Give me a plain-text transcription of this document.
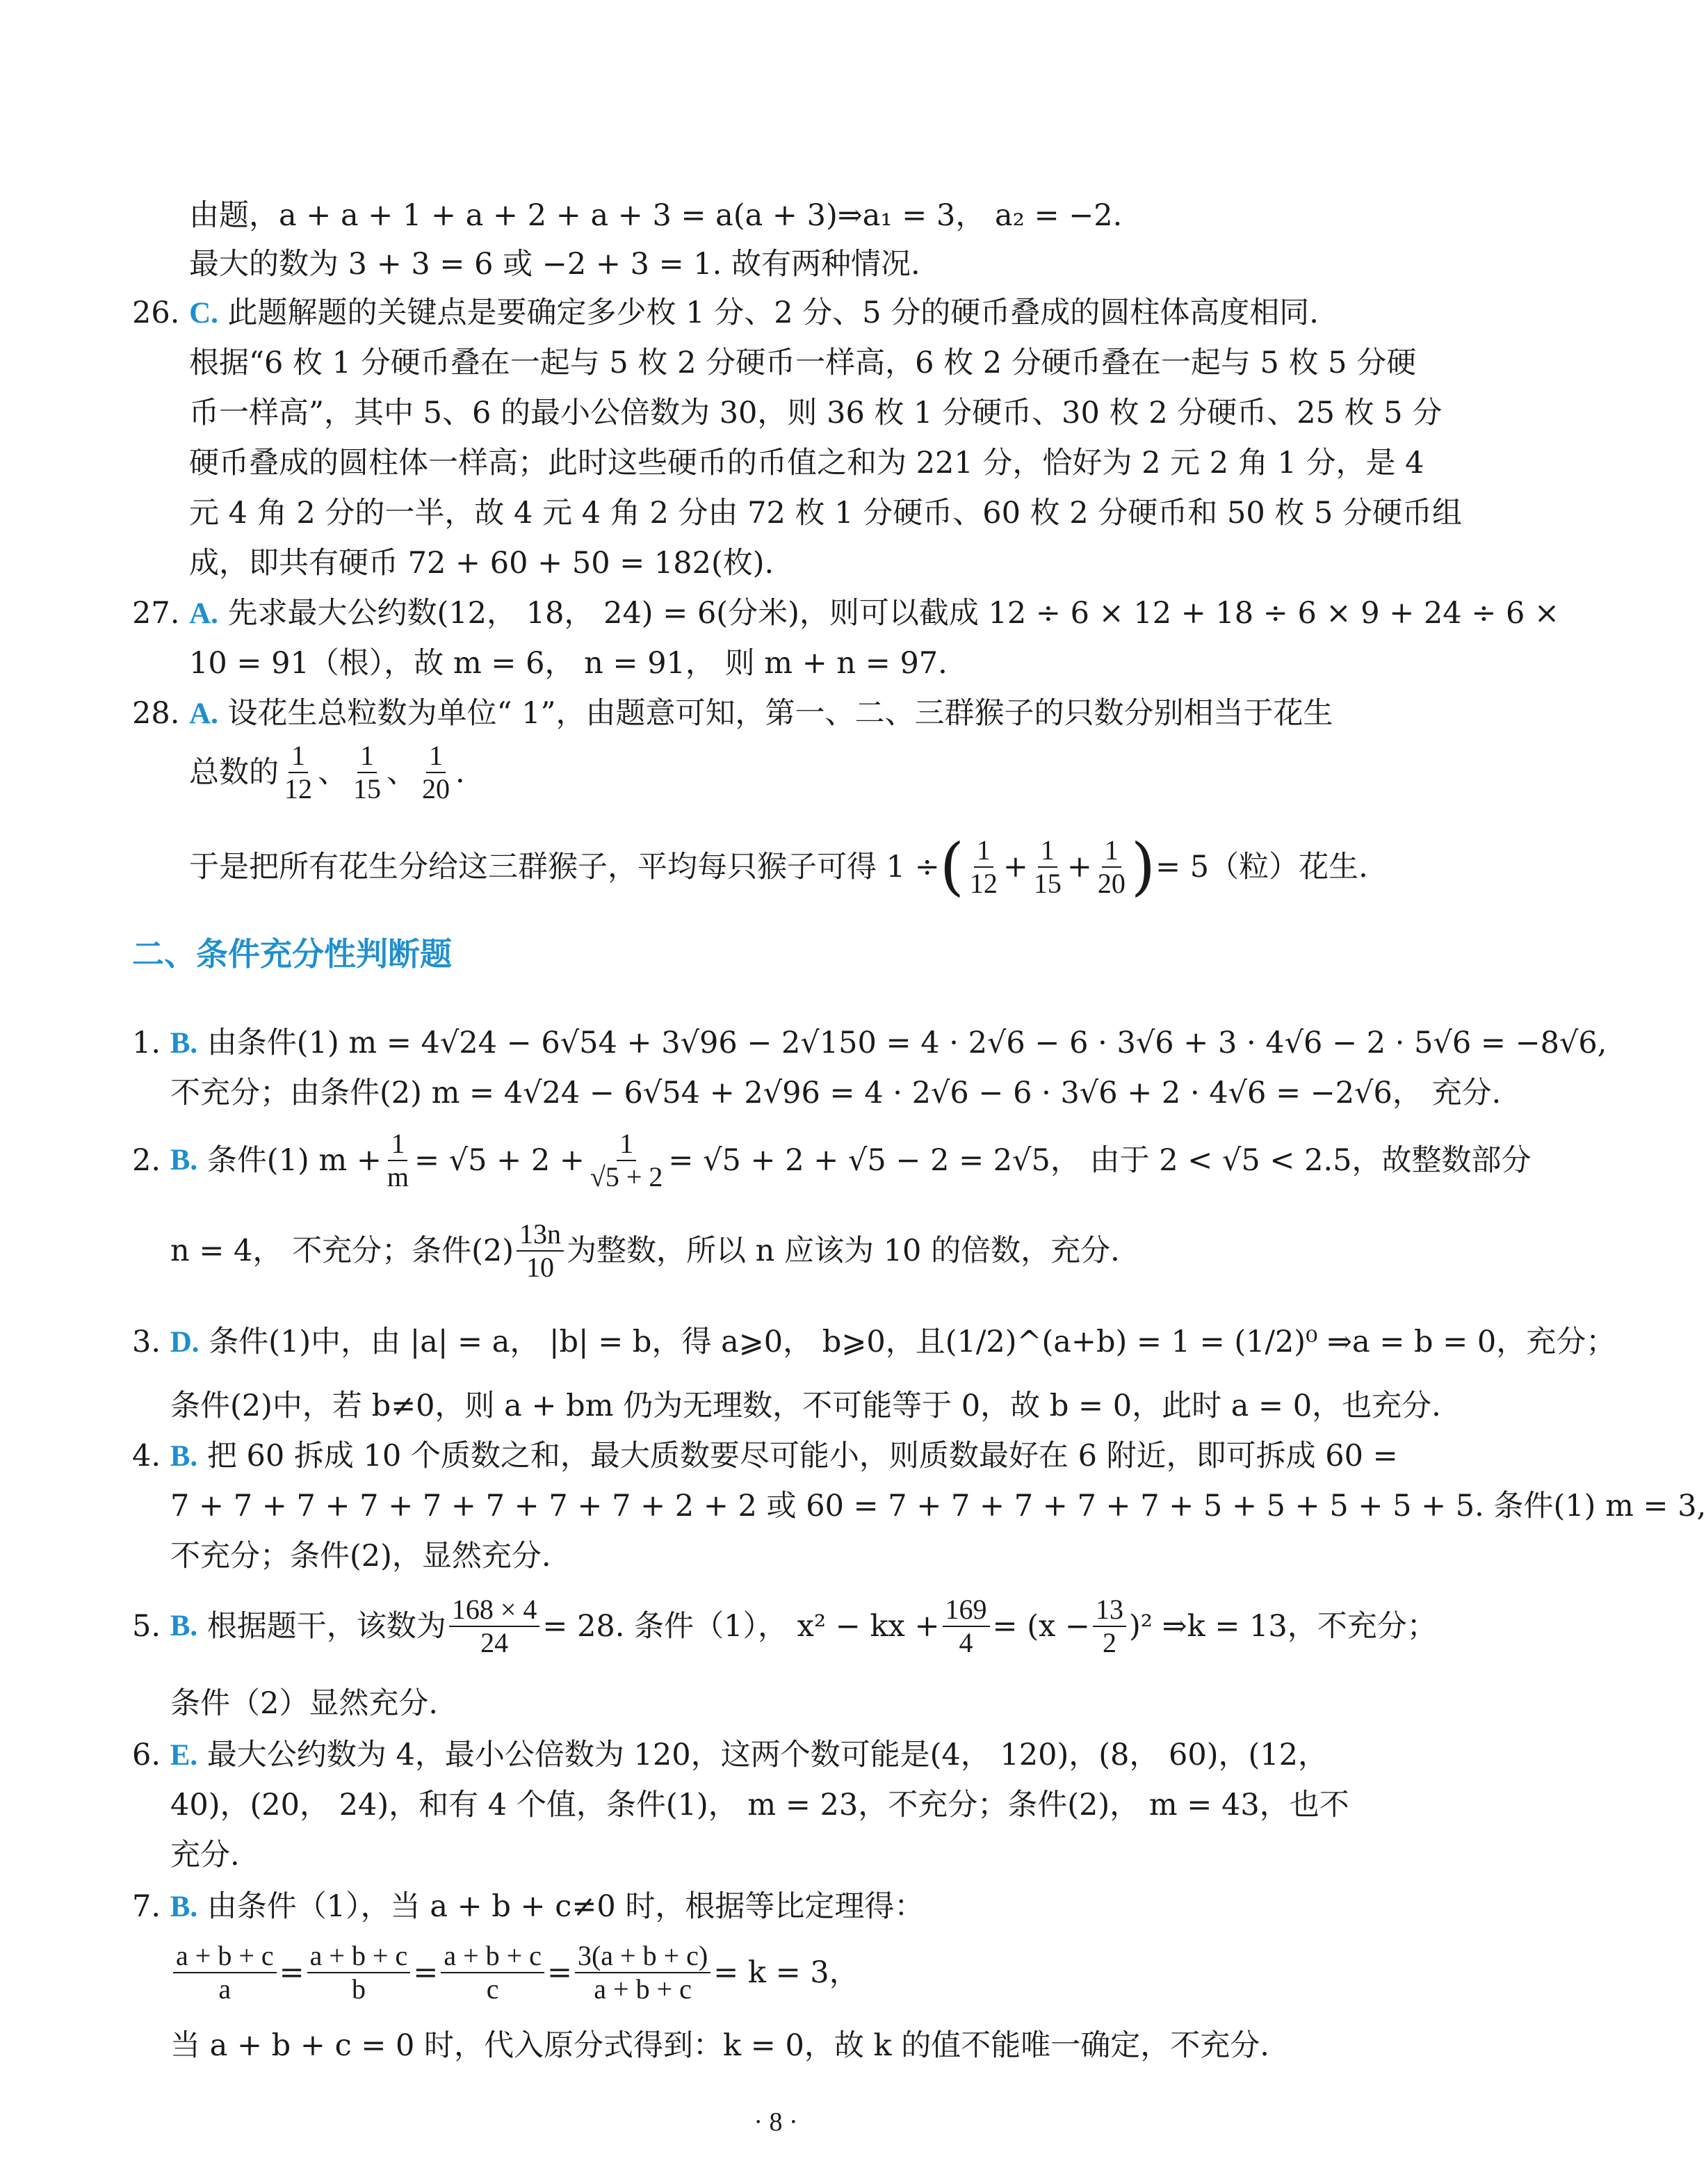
由题，a + a + 1 + a + 2 + a + 3 = a(a + 3)⇒a₁ = 3， a₂ = −2.
最大的数为 3 + 3 = 6 或 −2 + 3 = 1. 故有两种情况.
26. C. 此题解题的关键点是要确定多少枚 1 分、2 分、5 分的硬币叠成的圆柱体高度相同.
根据“6 枚 1 分硬币叠在一起与 5 枚 2 分硬币一样高，6 枚 2 分硬币叠在一起与 5 枚 5 分硬
币一样高”，其中 5、6 的最小公倍数为 30，则 36 枚 1 分硬币、30 枚 2 分硬币、25 枚 5 分
硬币叠成的圆柱体一样高；此时这些硬币的币值之和为 221 分，恰好为 2 元 2 角 1 分，是 4
元 4 角 2 分的一半，故 4 元 4 角 2 分由 72 枚 1 分硬币、60 枚 2 分硬币和 50 枚 5 分硬币组
成，即共有硬币 72 + 60 + 50 = 182(枚).
27. A. 先求最大公约数(12， 18， 24) = 6(分米)，则可以截成 12 ÷ 6 × 12 + 18 ÷ 6 × 9 + 24 ÷ 6 ×
10 = 91（根），故 m = 6， n = 91， 则 m + n = 97.
28. A. 设花生总粒数为单位“ 1”，由题意可知，第一、二、三群猴子的只数分别相当于花生
总数的 1
12 、 1
15 、 1
20 .
于是把所有花生分给这三群猴子，平均每只猴子可得 1 ÷ ( 1
$12 + \frac{1}{15} + \frac{1}{20}$ ) = 5（粒）花生.
二、条件充分性判断题
1. B. 由条件(1) m = 4√24 − 6√54 + 3√96 − 2√150 = 4 · 2√6 − 6 · 3√6 + 3 · 4√6 − 2 · 5√6 = −8√6,
不充分；由条件(2) m = 4√24 − 6√54 + 2√96 = 4 · 2√6 − 6 · 3√6 + 2 · 4√6 = −2√6， 充分.
2.
B.
条件(1) $m + \frac{1}{m} = √5 + 2 + \frac{1}{√5 + 2} = √5 + 2 + √5 - 2 = 2√5$， 由于 2 < √5 < 2.5，故整数部分
n = 4， 不充分；条件(2) 13n
10 为整数，所以 n 应该为 10 的倍数，充分.
3. D. 条件(1)中，由 |a| = a， |b| = b，得 a⩾0， b⩾0，且(1/2)^(a+b) = 1 = (1/2)⁰ ⇒a = b = 0，充分；
条件(2)中，若 b≠0，则 a + bm 仍为无理数，不可能等于 0，故 b = 0，此时 a = 0，也充分.
4. B. 把 60 拆成 10 个质数之和，最大质数要尽可能小，则质数最好在 6 附近，即可拆成 60 =
7 + 7 + 7 + 7 + 7 + 7 + 7 + 7 + 2 + 2 或 60 = 7 + 7 + 7 + 7 + 7 + 5 + 5 + 5 + 5 + 5. 条件(1) m = 3,
不充分；条件(2)，显然充分.
5.
B.
根据题干，该数为 $\frac{168 \times 4}{24} = 28$. 条件（1）， x² − kx + $\frac{169}{4} = (x - \frac{13}{2} )^2$ ⇒k = 13，不充分；
条件（2）显然充分.
6. E. 最大公约数为 4，最小公倍数为 120，这两个数可能是(4， 120)，(8， 60)，(12，
40)，(20， 24)，和有 4 个值，条件(1)， m = 23，不充分；条件(2)， m = 43，也不
充分.
7. B. 由条件（1），当 a + b + c≠0 时，根据等比定理得：
$\frac{a + b + c}{a} = \frac{a + b + c}{b} = \frac{a + b + c}{c} = \frac{3(a + b + c)}{a + b + c} = k = 3$，
当 a + b + c = 0 时，代入原分式得到：k = 0，故 k 的值不能唯一确定，不充分.
· 8 ·
